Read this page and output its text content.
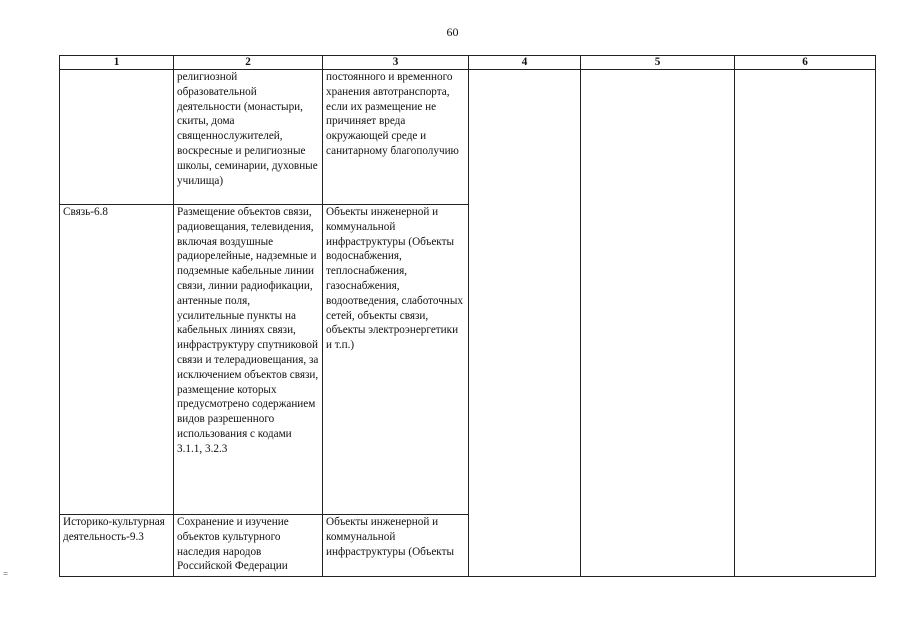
60
=
1	2	3	4	5	6
	религиозной образовательной деятельности (монастыри, скиты, дома священнослужителей, воскресные и религиозные школы, семинарии, духовные училища)	постоянного и временного хранения автотранспорта, если их размещение не причиняет вреда окружающей среде и санитарному благополучию			
Связь-6.8	Размещение объектов связи, радиовещания, телевидения, включая воздушные радиорелейные, надземные и подземные кабельные линии связи, линии радиофикации, антенные поля, усилительные пункты на кабельных линиях связи, инфраструктуру спутниковой связи и телерадиовещания, за исключением объектов связи, размещение которых предусмотрено содержанием видов разрешенного использования с кодами 3.1.1, 3.2.3	Объекты инженерной и коммунальной инфраструктуры (Объекты водоснабжения, теплоснабжения, газоснабжения, водоотведения, слаботочных сетей, объекты связи, объекты электроэнергетики и т.п.)			
Историко-культурная деятельность-9.3	Сохранение и изучение объектов культурного наследия народов Российской Федерации	Объекты инженерной и коммунальной инфраструктуры (Объекты			
